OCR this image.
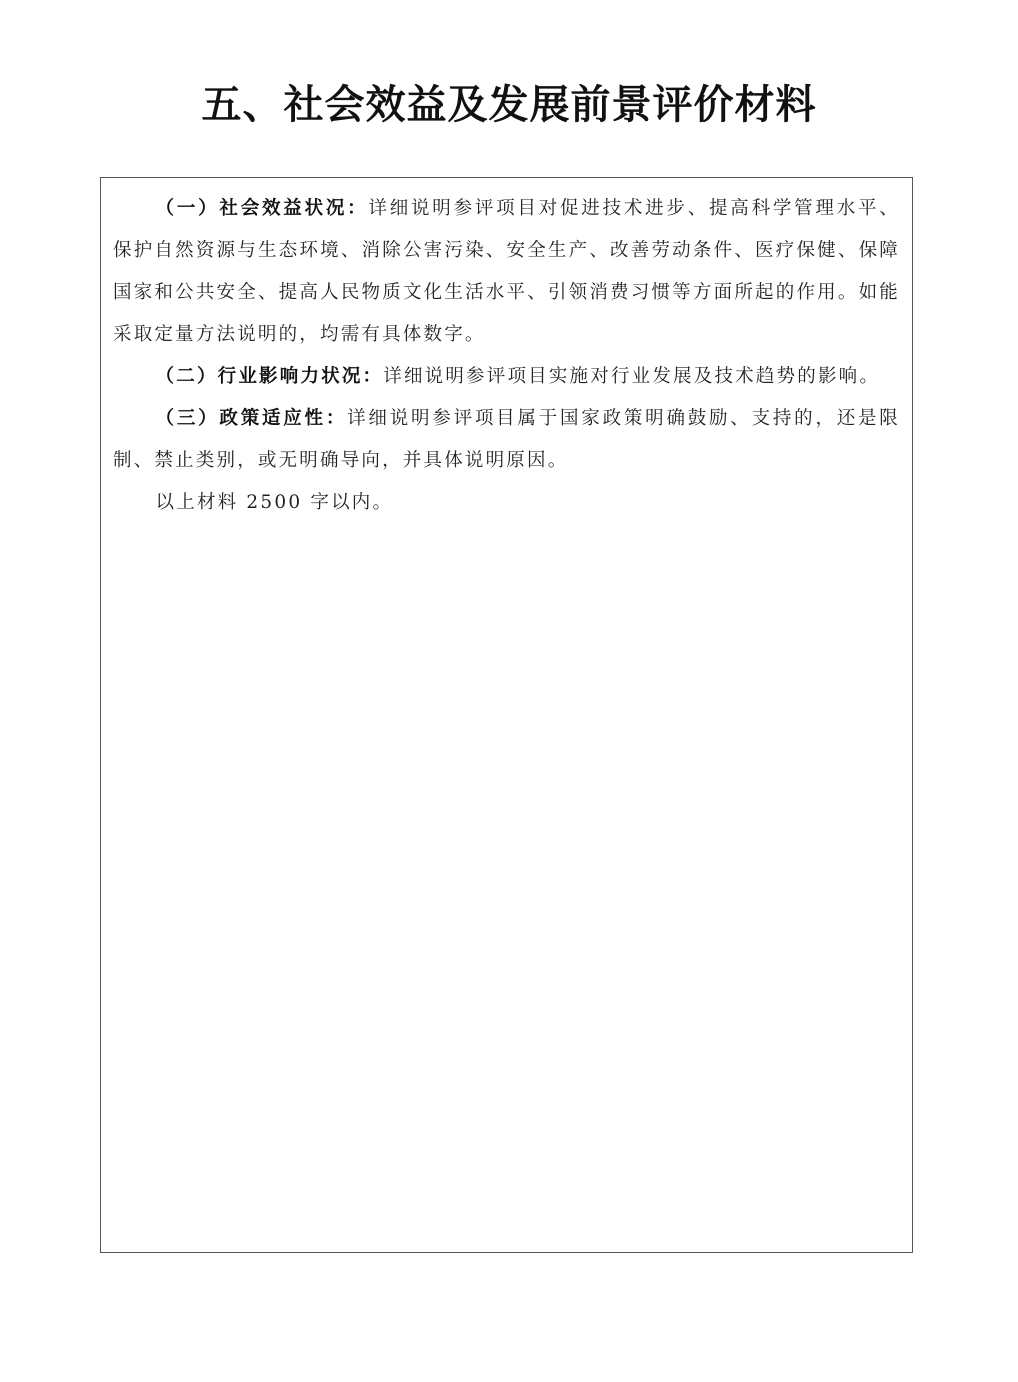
五、社会效益及发展前景评价材料

（一）社会效益状况：详细说明参评项目对促进技术进步、提高科学管理水平、保护自然资源与生态环境、消除公害污染、安全生产、改善劳动条件、医疗保健、保障国家和公共安全、提高人民物质文化生活水平、引领消费习惯等方面所起的作用。如能采取定量方法说明的，均需有具体数字。

（二）行业影响力状况：详细说明参评项目实施对行业发展及技术趋势的影响。

（三）政策适应性：详细说明参评项目属于国家政策明确鼓励、支持的，还是限制、禁止类别，或无明确导向，并具体说明原因。

以上材料 2500 字以内。
